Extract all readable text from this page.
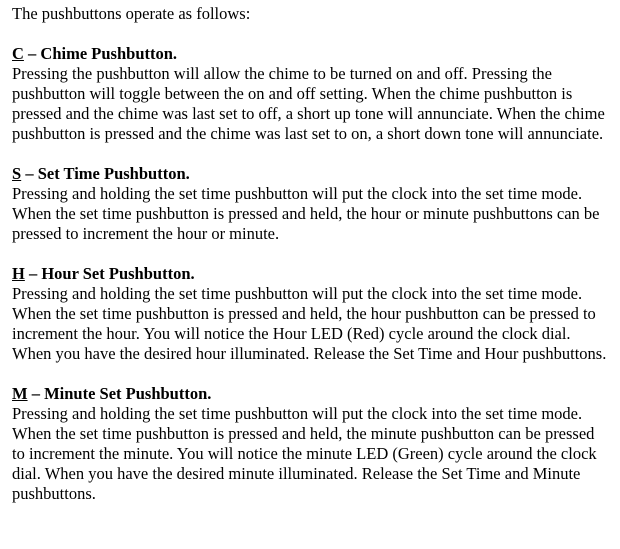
The pushbuttons operate as follows:

C – Chime Pushbutton.

Pressing the pushbutton will allow the chime to be turned on and off. Pressing the pushbutton will toggle between the on and off setting. When the chime pushbutton is pressed and the chime was last set to off, a short up tone will annunciate. When the chime pushbutton is pressed and the chime was last set to on, a short down tone will annunciate.

S – Set Time Pushbutton.

Pressing and holding the set time pushbutton will put the clock into the set time mode. When the set time pushbutton is pressed and held, the hour or minute pushbuttons can be pressed to increment the hour or minute.

H – Hour Set Pushbutton.

Pressing and holding the set time pushbutton will put the clock into the set time mode. When the set time pushbutton is pressed and held, the hour pushbutton can be pressed to increment the hour. You will notice the Hour LED (Red) cycle around the clock dial. When you have the desired hour illuminated. Release the Set Time and Hour pushbuttons.

M – Minute Set Pushbutton.

Pressing and holding the set time pushbutton will put the clock into the set time mode. When the set time pushbutton is pressed and held, the minute pushbutton can be pressed to increment the minute. You will notice the minute LED (Green) cycle around the clock dial. When you have the desired minute illuminated. Release the Set Time and Minute pushbuttons.
